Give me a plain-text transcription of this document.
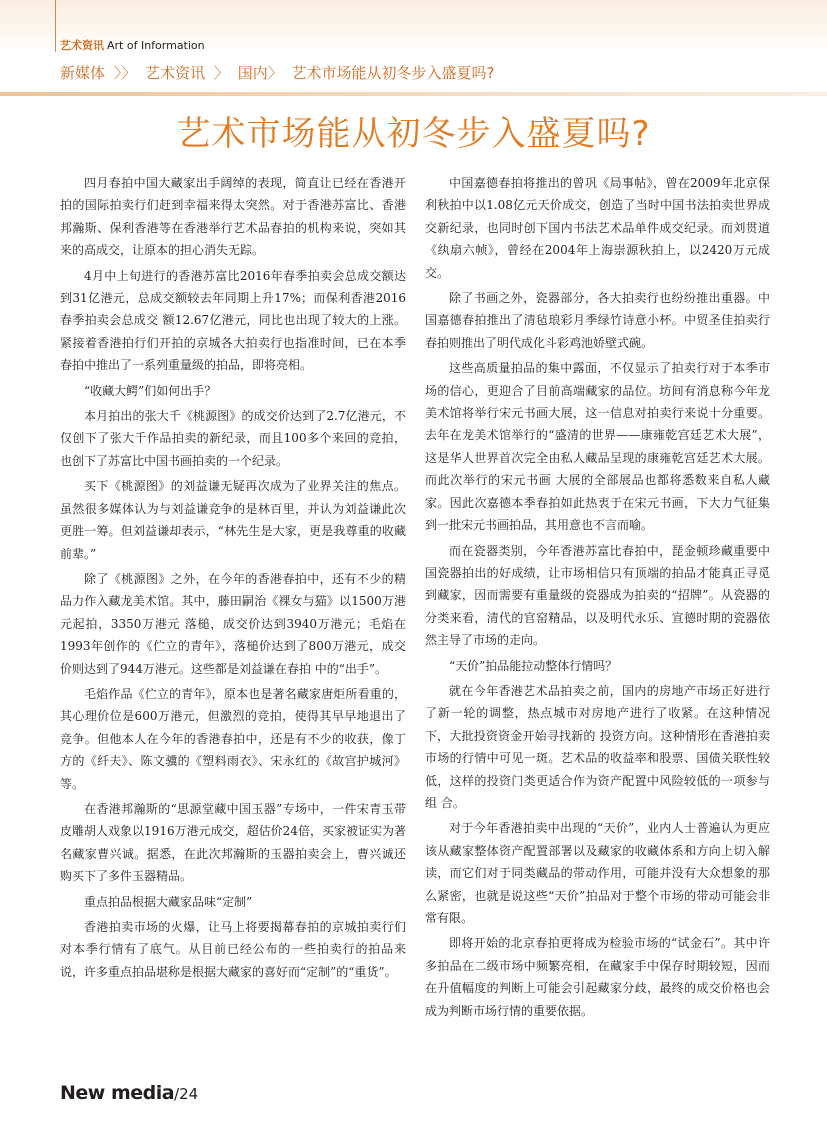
艺术资讯 Art of Information
新媒体 〉〉 艺术资讯 〉 国内〉 艺术市场能从初冬步入盛夏吗?
艺术市场能从初冬步入盛夏吗?

四月春拍中国大藏家出手阔绰的表现，简直让已经在香港开拍的国际拍卖行们赶到幸福来得太突然。对于香港苏富比、香港邦瀚斯、保利香港等在香港举行艺术品春拍的机构来说，突如其来的高成交，让原本的担心消失无踪。

4月中上旬进行的香港苏富比2016年春季拍卖会总成交额达到31亿港元，总成交额较去年同期上升17%；而保利香港2016春季拍卖会总成交 额12.67亿港元，同比也出现了较大的上涨。紧接着香港拍行们开拍的京城各大拍卖行也指准时间，已在本季春拍中推出了一系列重量级的拍品，即将亮相。

“收藏大鳄”们如何出手？

本月拍出的张大千《桃源图》的成交价达到了2.7亿港元，不仅创下了张大千作品拍卖的新纪录，而且100多个来回的竞拍，也创下了苏富比中国书画拍卖的一个纪录。

买下《桃源图》的刘益谦无疑再次成为了业界关注的焦点。虽然很多媒体认为与刘益谦竞争的是林百里，并认为刘益谦此次更胜一筹。但刘益谦却表示，“林先生是大家，更是我尊重的收藏前辈。”

除了《桃源图》之外，在今年的香港春拍中，还有不少的精品力作入藏龙美术馆。其中，藤田嗣治《裸女与猫》以1500万港元起拍，3350万港元 落槌，成交价达到3940万港元；毛焰在1993年创作的《伫立的青年》，落槌价达到了800万港元，成交价则达到了944万港元。这些都是刘益谦在春拍 中的“出手”。

毛焰作品《伫立的青年》，原本也是著名藏家唐炬所看重的，其心理价位是600万港元，但激烈的竞拍，使得其早早地退出了竞争。但他本人在今年的香港春拍中，还是有不少的收获，像丁方的《纤夫》、陈文骥的《塑料雨衣》、宋永红的《故宫护城河》等。

在香港邦瀚斯的“思源堂藏中国玉器”专场中，一件宋青玉带皮雕胡人戏象以1916万港元成交，超估价24倍，买家被证实为著名藏家曹兴诚。据悉，在此次邦瀚斯的玉器拍卖会上，曹兴诚还购买下了多件玉器精品。

重点拍品根据大藏家品味“定制”

香港拍卖市场的火爆，让马上将要揭幕春拍的京城拍卖行们对本季行情有了底气。从目前已经公布的一些拍卖行的拍品来说，许多重点拍品堪称是根据大藏家的喜好而“定制”的“重货”。

中国嘉德春拍将推出的曾巩《局事帖》，曾在2009年北京保利秋拍中以1.08亿元天价成交，创造了当时中国书法拍卖世界成交新纪录，也同时创下国内书法艺术品单件成交纪录。而刘贯道《纨扇六帧》，曾经在2004年上海崇源秋拍上，以2420万元成交。

除了书画之外，瓷器部分，各大拍卖行也纷纷推出重器。中国嘉德春拍推出了清毡琅彩月季绿竹诗意小杯。中贸圣佳拍卖行春拍则推出了明代成化斗彩鸡池娇壁式碗。

这些高质量拍品的集中露面，不仅显示了拍卖行对于本季市场的信心，更迎合了目前高端藏家的品位。坊间有消息称今年龙美术馆将举行宋元书画大展，这一信息对拍卖行来说十分重要。去年在龙美术馆举行的“盛清的世界——康雍乾宫廷艺术大展”，这是华人世界首次完全由私人藏品呈现的康雍乾宫廷艺术大展。而此次举行的宋元书画 大展的全部展品也都将悉数来自私人藏家。因此次嘉德本季春拍如此热衷于在宋元书画，下大力气征集到一批宋元书画拍品，其用意也不言而喻。

而在瓷器类别，今年香港苏富比春拍中，琵金顿珍藏重要中国瓷器拍出的好成绩，让市场相信只有顶端的拍品才能真正寻觅到藏家，因而需要有重量级的瓷器成为拍卖的“招牌”。从瓷器的分类来看，清代的官窑精品，以及明代永乐、宣德时期的瓷器依然主导了市场的走向。

“天价”拍品能拉动整体行情吗？

就在今年香港艺术品拍卖之前，国内的房地产市场正好进行了新一轮的调整，热点城市对房地产进行了收紧。在这种情况下，大批投资资金开始寻找新的 投资方向。这种情形在香港拍卖市场的行情中可见一斑。艺术品的收益率和股票、国债关联性较低，这样的投资门类更适合作为资产配置中风险较低的一项参与组 合。

对于今年香港拍卖中出现的“天价”，业内人士普遍认为更应该从藏家整体资产配置部署以及藏家的收藏体系和方向上切入解读，而它们对于同类藏品的带动作用，可能并没有大众想象的那么紧密，也就是说这些“天价”拍品对于整个市场的带动可能会非常有限。

即将开始的北京春拍更将成为检验市场的“试金石”。其中许多拍品在二级市场中频繁亮相，在藏家手中保存时期较短，因而在升值幅度的判断上可能会引起藏家分歧，最终的成交价格也会成为判断市场行情的重要依据。

New media/24
